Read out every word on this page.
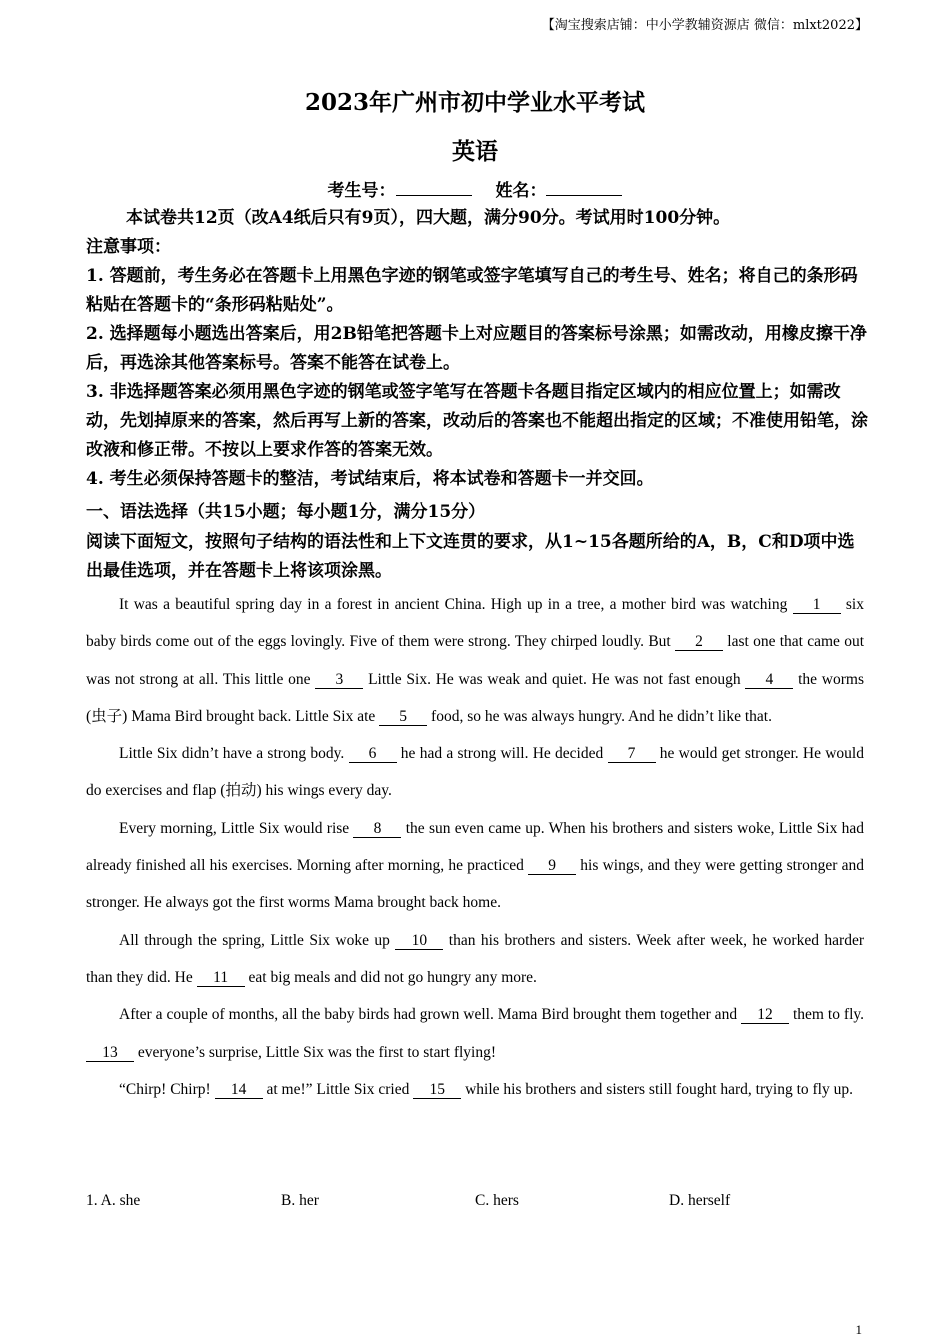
【淘宝搜索店铺：中小学教辅资源店 微信：mlxt2022】
2023年广州市初中学业水平考试
英语
考生号：	姓名：
本试卷共12页（改A4纸后只有9页），四大题，满分90分。考试用时100分钟。
注意事项：
1. 答题前，考生务必在答题卡上用黑色字迹的钢笔或签字笔填写自己的考生号、姓名；将自己的条形码粘贴在答题卡的“条形码粘贴处”。
2. 选择题每小题选出答案后，用2B铅笔把答题卡上对应题目的答案标号涂黑；如需改动，用橡皮擦干净后，再选涂其他答案标号。答案不能答在试卷上。
3. 非选择题答案必须用黑色字迹的钢笔或签字笔写在答题卡各题目指定区域内的相应位置上；如需改动，先划掉原来的答案，然后再写上新的答案，改动后的答案也不能超出指定的区域；不准使用铅笔，涂改液和修正带。不按以上要求作答的答案无效。
4. 考生必须保持答题卡的整洁，考试结束后，将本试卷和答题卡一并交回。
一、语法选择（共15小题；每小题1分，满分15分）
阅读下面短文，按照句子结构的语法性和上下文连贯的要求，从1~15各题所给的A，B，C和D项中选出最佳选项，并在答题卡上将该项涂黑。

It was a beautiful spring day in a forest in ancient China. High up in a tree, a mother bird was watching 1 six baby birds come out of the eggs lovingly. Five of them were strong. They chirped loudly. But 2 last one that came out was not strong at all. This little one 3 Little Six. He was weak and quiet. He was not fast enough 4 the worms (虫子) Mama Bird brought back. Little Six ate 5 food, so he was always hungry. And he didn’t like that.

Little Six didn’t have a strong body. 6 he had a strong will. He decided 7 he would get stronger. He would do exercises and flap (拍动) his wings every day.

Every morning, Little Six would rise 8 the sun even came up. When his brothers and sisters woke, Little Six had already finished all his exercises. Morning after morning, he practiced 9 his wings, and they were getting stronger and stronger. He always got the first worms Mama brought back home.

All through the spring, Little Six woke up 10 than his brothers and sisters. Week after week, he worked harder than they did. He 11 eat big meals and did not go hungry any more.

After a couple of months, all the baby birds had grown well. Mama Bird brought them together and 12 them to fly. 13 everyone’s surprise, Little Six was the first to start flying!

“Chirp! Chirp! 14 at me!” Little Six cried 15 while his brothers and sisters still fought hard, trying to fly up.

1. A. she	B. her	C. hers	D. herself
1
